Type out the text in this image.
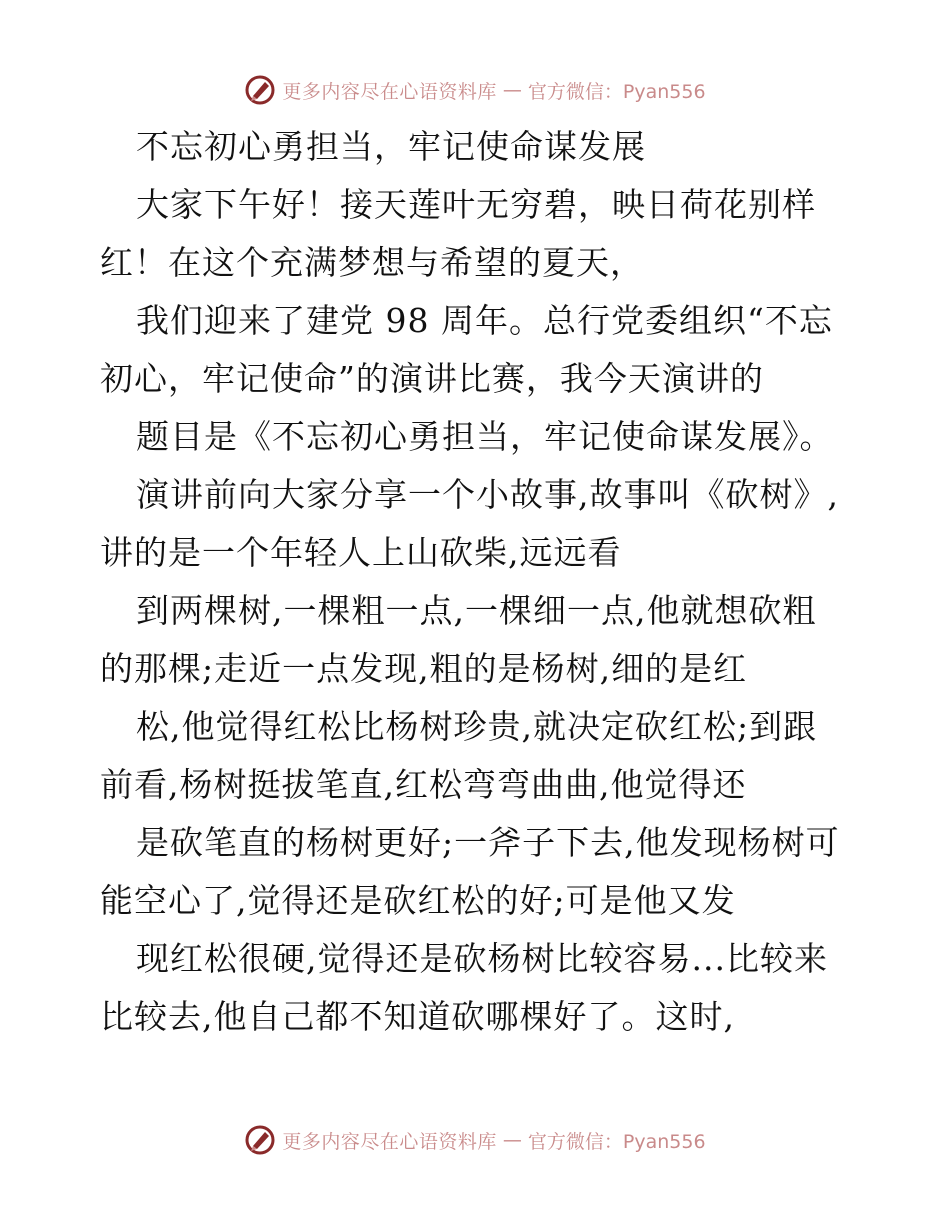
更多内容尽在心语资料库 — 官方微信：Pyan556
不忘初心勇担当，牢记使命谋发展
大家下午好！接天莲叶无穷碧，映日荷花别样
红！在这个充满梦想与希望的夏天，
我们迎来了建党 98 周年。总行党委组织“不忘
初心，牢记使命”的演讲比赛，我今天演讲的
题目是《不忘初心勇担当，牢记使命谋发展》。
演讲前向大家分享一个小故事,故事叫《砍树》,
讲的是一个年轻人上山砍柴,远远看
到两棵树,一棵粗一点,一棵细一点,他就想砍粗
的那棵;走近一点发现,粗的是杨树,细的是红
松,他觉得红松比杨树珍贵,就决定砍红松;到跟
前看,杨树挺拔笔直,红松弯弯曲曲,他觉得还
是砍笔直的杨树更好;一斧子下去,他发现杨树可
能空心了,觉得还是砍红松的好;可是他又发
现红松很硬,觉得还是砍杨树比较容易...比较来
比较去,他自己都不知道砍哪棵好了。这时,
更多内容尽在心语资料库 — 官方微信：Pyan556
